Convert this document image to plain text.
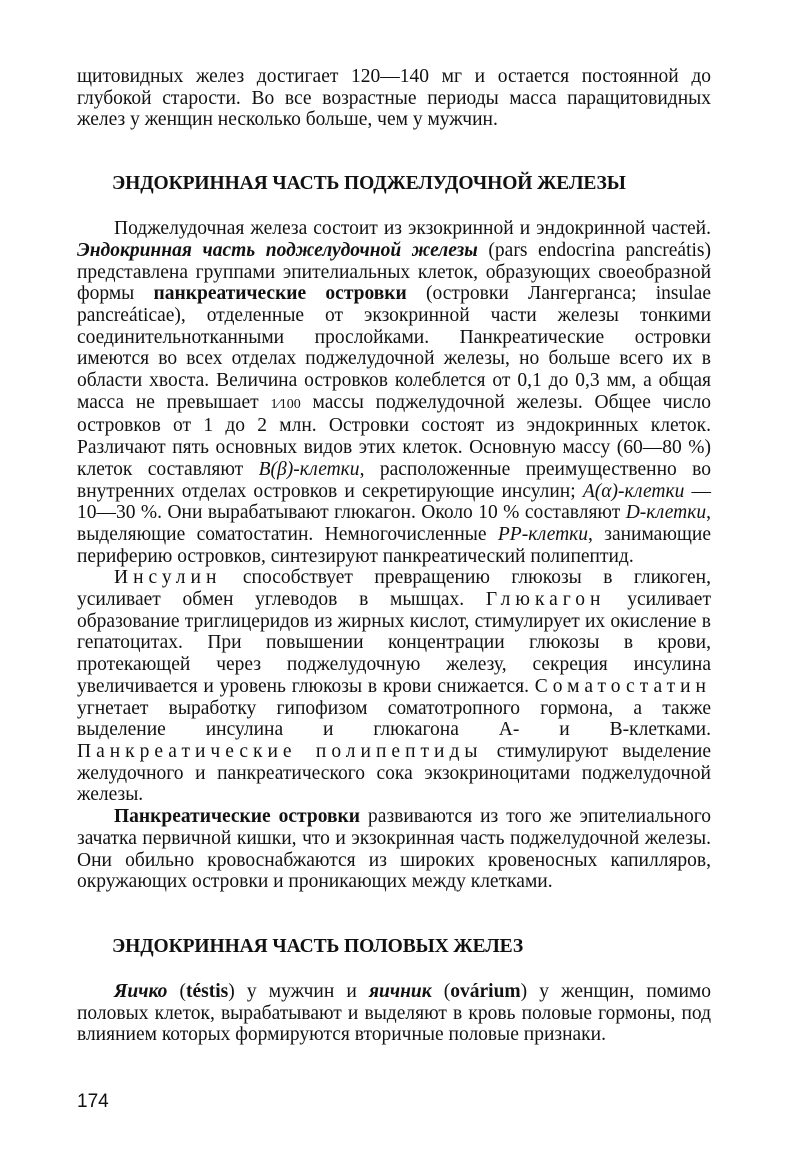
щитовидных желез достигает 120—140 мг и остается постоянной до глубокой старости. Во все возрастные периоды масса паращитовидных желез у женщин несколько больше, чем у мужчин.

ЭНДОКРИННАЯ ЧАСТЬ ПОДЖЕЛУДОЧНОЙ ЖЕЛЕЗЫ

Поджелудочная железа состоит из экзокринной и эндокринной частей. Эндокринная часть поджелудочной железы (pars endocrina pancreátis) представлена группами эпителиальных клеток, образующих своеобразной формы панкреатические островки (островки Лангерганса; insulae pancreáticae), отделенные от экзокринной части железы тонкими соединительнотканными прослойками. Панкреатические островки имеются во всех отделах поджелудочной железы, но больше всего их в области хвоста. Величина островков колеблется от 0,1 до 0,3 мм, а общая масса не превышает 1⁄100 массы поджелудочной железы. Общее число островков от 1 до 2 млн. Островки состоят из эндокринных клеток. Различают пять основных видов этих клеток. Основную массу (60—80 %) клеток составляют B(β)-клетки, расположенные преимущественно во внутренних отделах островков и секретирующие инсулин; A(α)-клетки — 10—30 %. Они вырабатывают глюкагон. Около 10 % составляют D-клетки, выделяющие соматостатин. Немногочисленные PP-клетки, занимающие периферию островков, синтезируют панкреатический полипептид.

Инсулин способствует превращению глюкозы в гликоген, усиливает обмен углеводов в мышцах. Глюкагон усиливает образование триглицеридов из жирных кислот, стимулирует их окисление в гепатоцитах. При повышении концентрации глюкозы в крови, протекающей через поджелудочную железу, секреция инсулина увеличивается и уровень глюкозы в крови снижается. Соматостатин угнетает выработку гипофизом соматотропного гормона, а также выделение инсулина и глюкагона А- и В-клетками. Панкреатические полипептиды стимулируют выделение желудочного и панкреатического сока экзокриноцитами поджелудочной железы.

Панкреатические островки развиваются из того же эпителиального зачатка первичной кишки, что и экзокринная часть поджелудочной железы. Они обильно кровоснабжаются из широких кровеносных капилляров, окружающих островки и проникающих между клетками.

ЭНДОКРИННАЯ ЧАСТЬ ПОЛОВЫХ ЖЕЛЕЗ

Яичко (téstis) у мужчин и яичник (ovárium) у женщин, помимо половых клеток, вырабатывают и выделяют в кровь половые гормоны, под влиянием которых формируются вторичные половые признаки.

174
